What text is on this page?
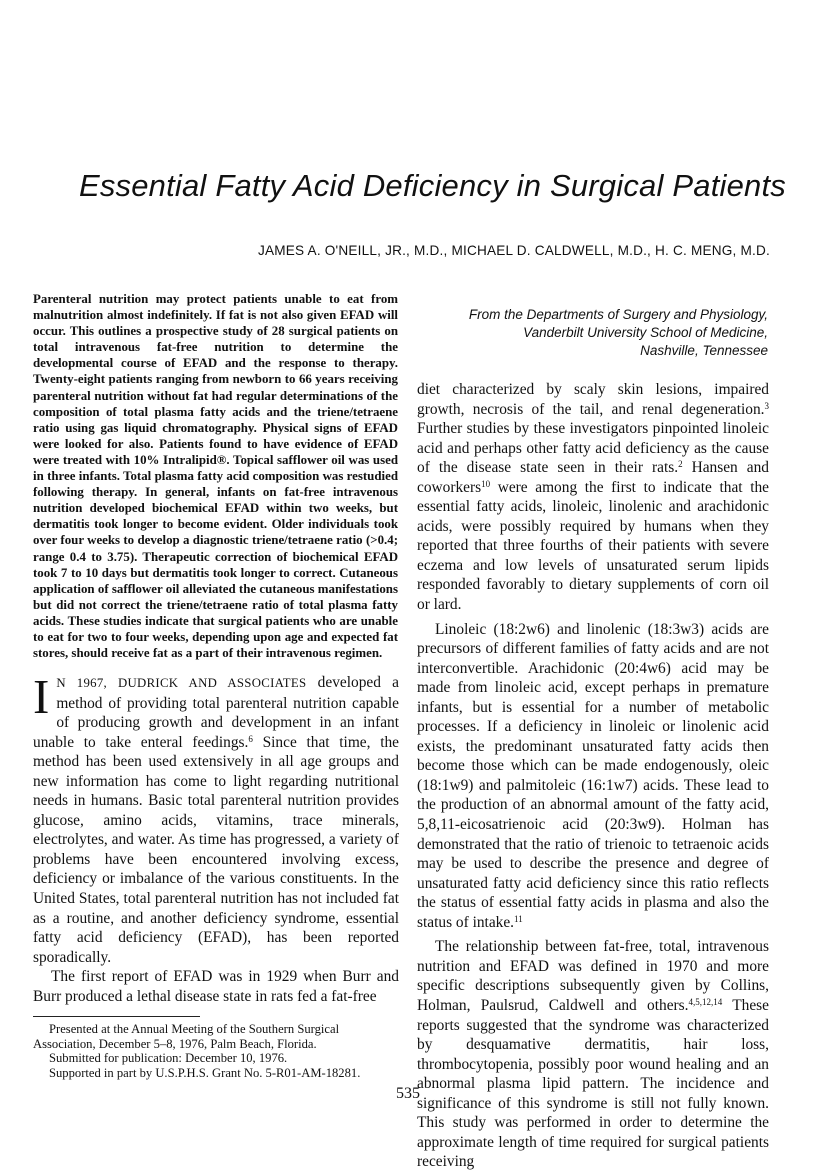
Essential Fatty Acid Deficiency in Surgical Patients
JAMES A. O'NEILL, JR., M.D., MICHAEL D. CALDWELL, M.D., H. C. MENG, M.D.

Parenteral nutrition may protect patients unable to eat from malnutrition almost indefinitely. If fat is not also given EFAD will occur. This outlines a prospective study of 28 surgical patients on total intravenous fat-free nutrition to determine the developmental course of EFAD and the response to therapy. Twenty-eight patients ranging from newborn to 66 years receiving parenteral nutrition without fat had regular determinations of the composition of total plasma fatty acids and the triene/tetraene ratio using gas liquid chromatography. Physical signs of EFAD were looked for also. Patients found to have evidence of EFAD were treated with 10% Intralipid®. Topical safflower oil was used in three infants. Total plasma fatty acid composition was restudied following therapy. In general, infants on fat-free intravenous nutrition developed biochemical EFAD within two weeks, but dermatitis took longer to become evident. Older individuals took over four weeks to develop a diagnostic triene/tetraene ratio (>0.4; range 0.4 to 3.75). Therapeutic correction of biochemical EFAD took 7 to 10 days but dermatitis took longer to correct. Cutaneous application of safflower oil alleviated the cutaneous manifestations but did not correct the triene/tetraene ratio of total plasma fatty acids. These studies indicate that surgical patients who are unable to eat for two to four weeks, depending upon age and expected fat stores, should receive fat as a part of their intravenous regimen.

From the Departments of Surgery and Physiology,
Vanderbilt University School of Medicine,
Nashville, Tennessee

I N 1967, DUDRICK AND ASSOCIATES developed a method of providing total parenteral nutrition capable of producing growth and development in an infant unable to take enteral feedings.$^6$ Since that time, the method has been used extensively in all age groups and new information has come to light regarding nutritional needs in humans. Basic total parenteral nutrition provides glucose, amino acids, vitamins, trace minerals, electrolytes, and water. As time has progressed, a variety of problems have been encountered involving excess, deficiency or imbalance of the various constituents. In the United States, total parenteral nutrition has not included fat as a routine, and another deficiency syndrome, essential fatty acid deficiency (EFAD), has been reported sporadically.

The first report of EFAD was in 1929 when Burr and Burr produced a lethal disease state in rats fed a fat-free

diet characterized by scaly skin lesions, impaired growth, necrosis of the tail, and renal degeneration.$^3$ Further studies by these investigators pinpointed linoleic acid and perhaps other fatty acid deficiency as the cause of the disease state seen in their rats.$^2$ Hansen and coworkers$^{10}$ were among the first to indicate that the essential fatty acids, linoleic, linolenic and arachidonic acids, were possibly required by humans when they reported that three fourths of their patients with severe eczema and low levels of unsaturated serum lipids responded favorably to dietary supplements of corn oil or lard.

Linoleic (18:2w6) and linolenic (18:3w3) acids are precursors of different families of fatty acids and are not interconvertible. Arachidonic (20:4w6) acid may be made from linoleic acid, except perhaps in premature infants, but is essential for a number of metabolic processes. If a deficiency in linoleic or linolenic acid exists, the predominant unsaturated fatty acids then become those which can be made endogenously, oleic (18:1w9) and palmitoleic (16:1w7) acids. These lead to the production of an abnormal amount of the fatty acid, 5,8,11-eicosatrienoic acid (20:3w9). Holman has demonstrated that the ratio of trienoic to tetraenoic acids may be used to describe the presence and degree of unsaturated fatty acid deficiency since this ratio reflects the status of essential fatty acids in plasma and also the status of intake.$^{11}$

The relationship between fat-free, total, intravenous nutrition and EFAD was defined in 1970 and more specific descriptions subsequently given by Collins, Holman, Paulsrud, Caldwell and others.$^{4,5,12,14}$ These reports suggested that the syndrome was characterized by desquamative dermatitis, hair loss, thrombocytopenia, possibly poor wound healing and an abnormal plasma lipid pattern. The incidence and significance of this syndrome is still not fully known. This study was performed in order to determine the approximate length of time required for surgical patients receiving

Presented at the Annual Meeting of the Southern Surgical
Association, December 5–8, 1976, Palm Beach, Florida.
Submitted for publication: December 10, 1976.
Supported in part by U.S.P.H.S. Grant No. 5-R01-AM-18281.
535
